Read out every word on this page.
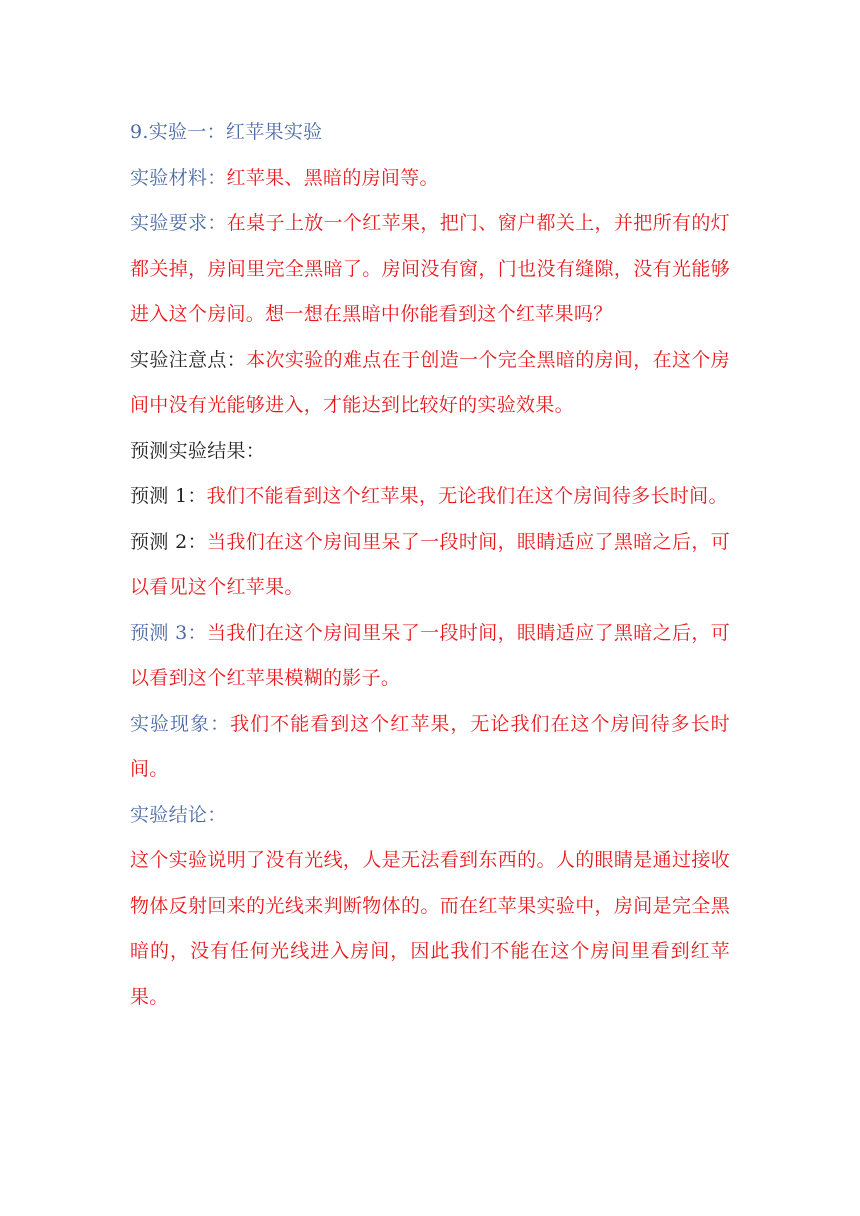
9.实验一：红苹果实验

实验材料：红苹果、黑暗的房间等。

实验要求：在桌子上放一个红苹果，把门、窗户都关上，并把所有的灯都关掉，房间里完全黑暗了。房间没有窗，门也没有缝隙，没有光能够进入这个房间。想一想在黑暗中你能看到这个红苹果吗？

实验注意点：本次实验的难点在于创造一个完全黑暗的房间，在这个房间中没有光能够进入，才能达到比较好的实验效果。

预测实验结果：

预测 1：我们不能看到这个红苹果，无论我们在这个房间待多长时间。

预测 2：当我们在这个房间里呆了一段时间，眼睛适应了黑暗之后，可以看见这个红苹果。

预测 3：当我们在这个房间里呆了一段时间，眼睛适应了黑暗之后，可以看到这个红苹果模糊的影子。

实验现象：我们不能看到这个红苹果，无论我们在这个房间待多长时间。

实验结论：

这个实验说明了没有光线，人是无法看到东西的。人的眼睛是通过接收物体反射回来的光线来判断物体的。而在红苹果实验中，房间是完全黑暗的，没有任何光线进入房间，因此我们不能在这个房间里看到红苹果。
